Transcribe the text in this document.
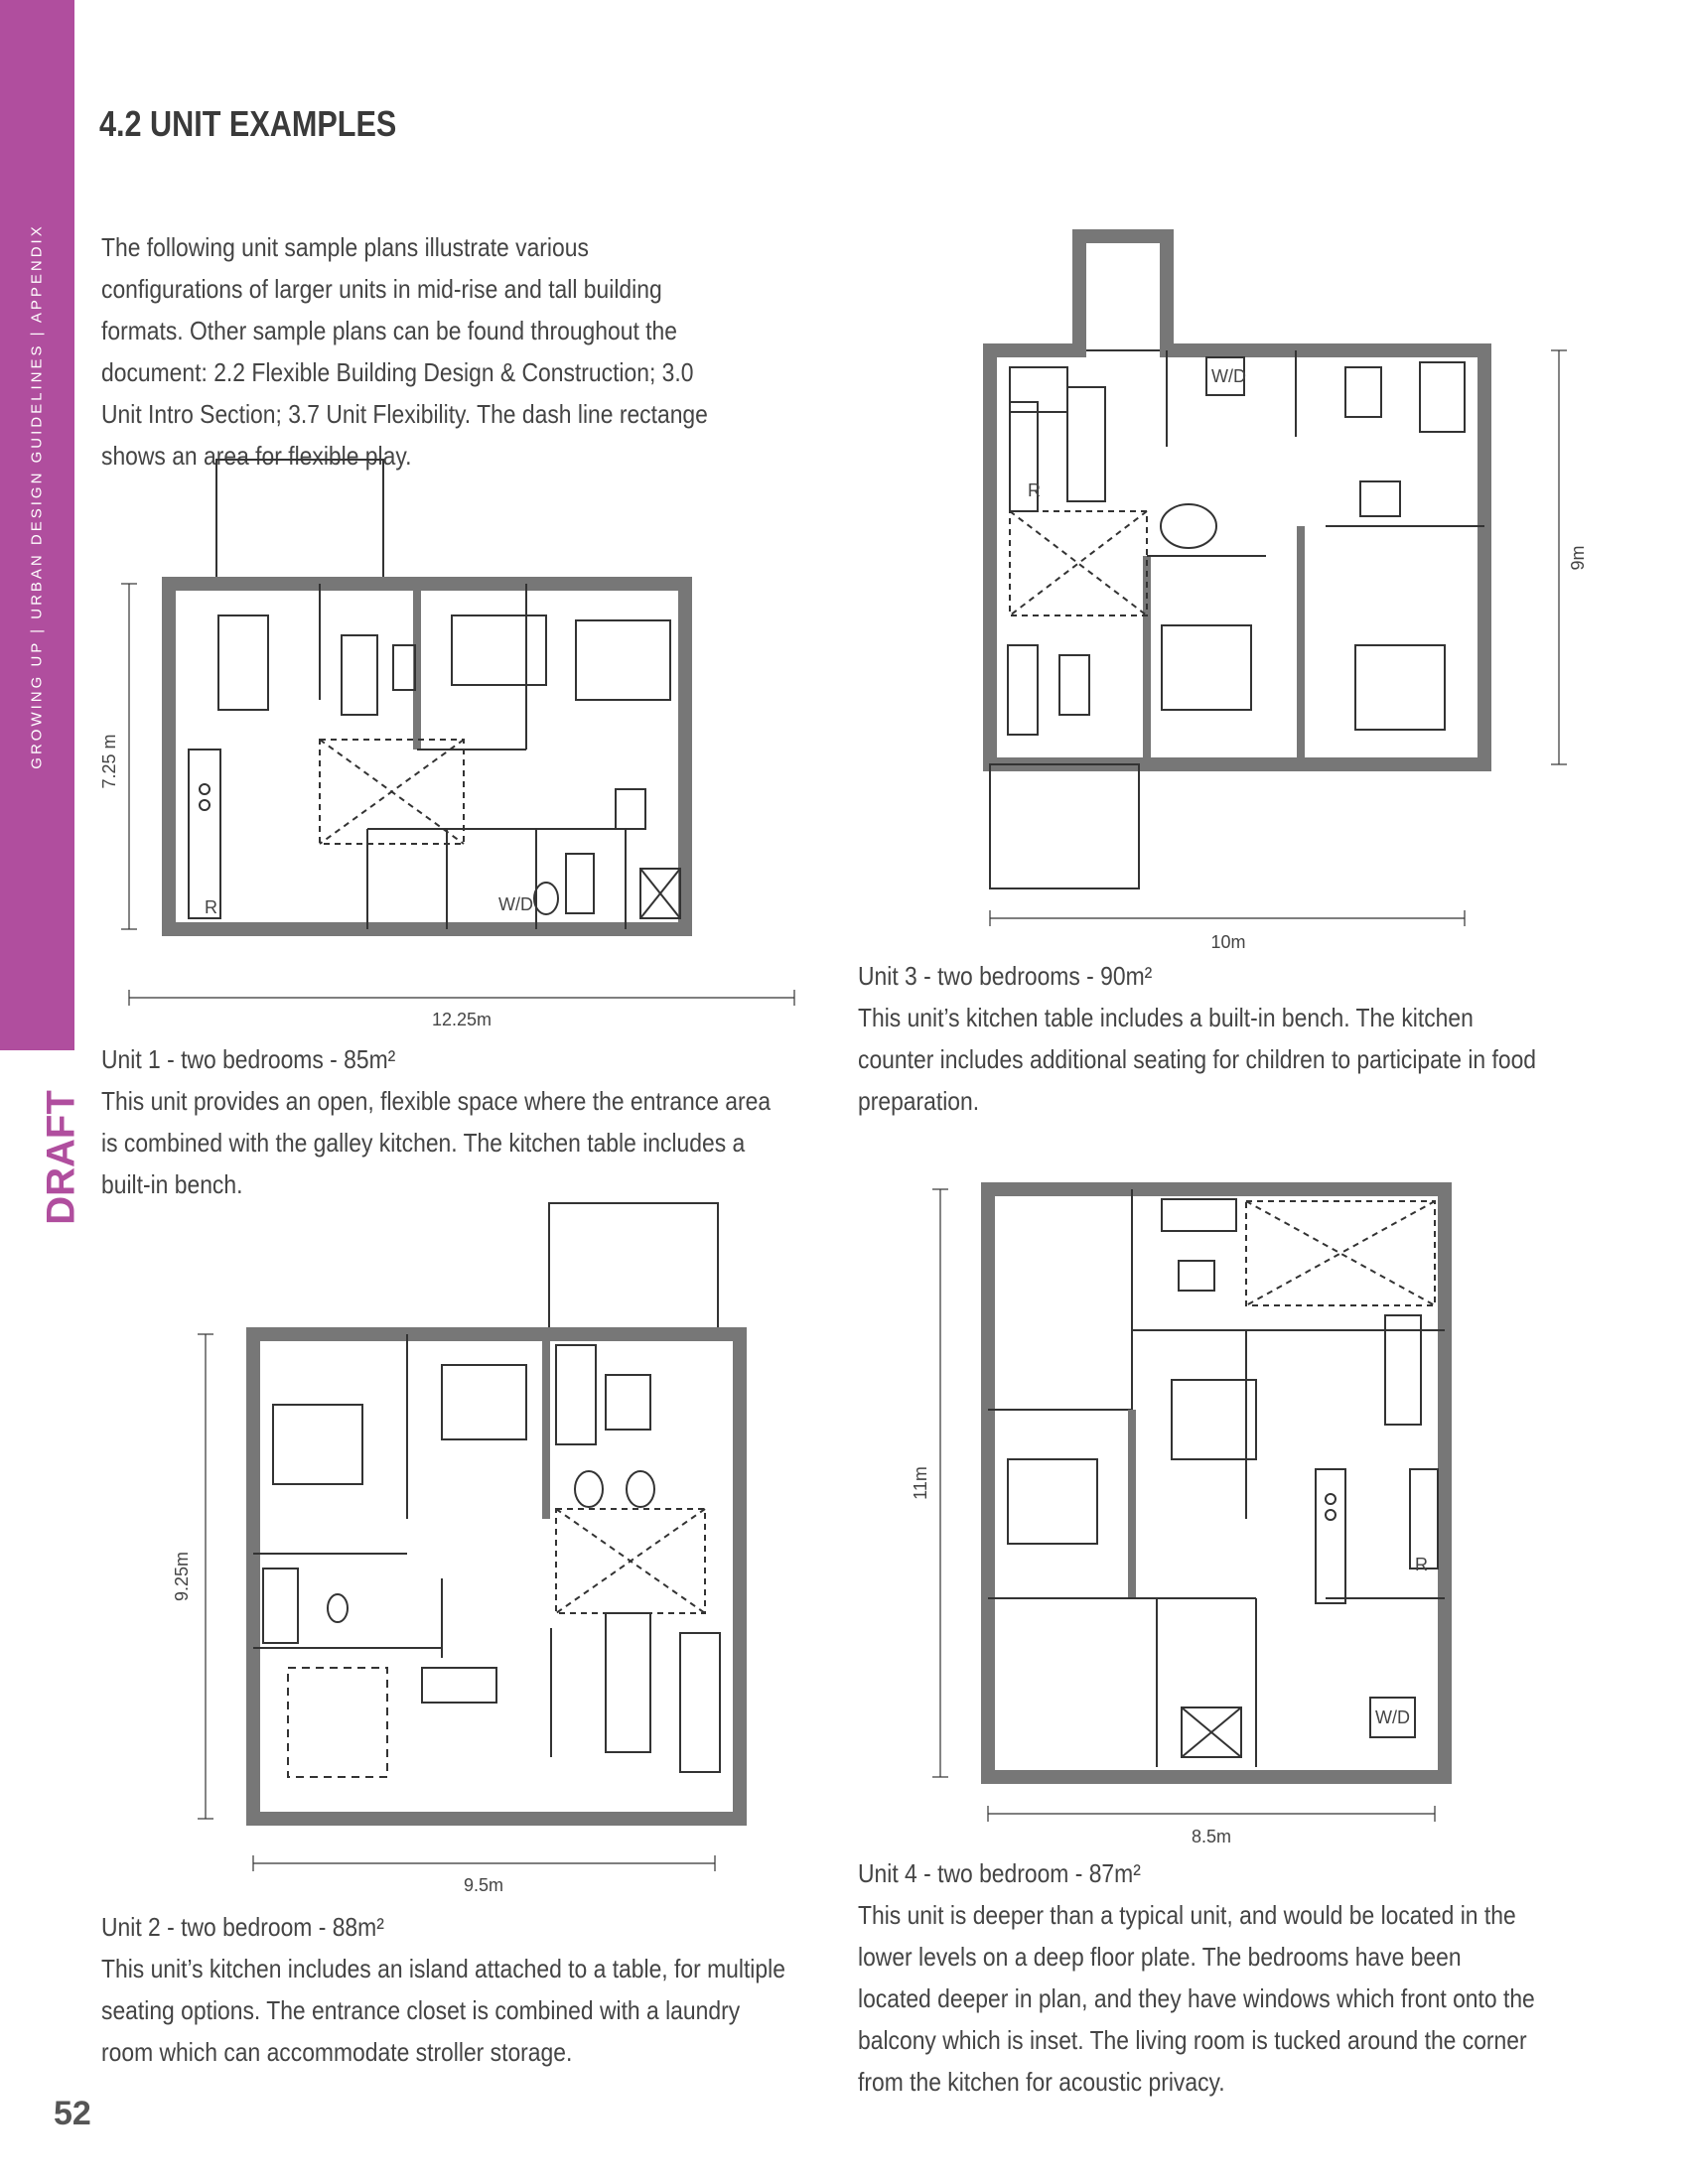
GROWING UP | URBAN DESIGN GUIDELINES | APPENDIX
DRAFT
4.2 UNIT EXAMPLES
The following unit sample plans illustrate various configurations of larger units in mid-rise and tall building formats. Other sample plans can be found throughout the document: 2.2 Flexible Building Design & Construction; 3.0 Unit Intro Section; 3.7 Unit Flexibility. The dash line rectange shows an area for flexible play.
R	W/D
7.25 m
12.25m
Unit 1 - two bedrooms - 85m²
This unit provides an open, flexible space where the entrance area is combined with the galley kitchen. The kitchen table includes a built-in bench.
R
W/D
9m
10m
Unit 3 - two bedrooms - 90m²
This unit’s kitchen table includes a built-in bench. The kitchen counter includes additional seating for children to participate in food preparation.
9.25m
9.5m
Unit 2 - two bedroom - 88m²
This unit’s kitchen includes an island attached to a table, for multiple seating options. The entrance closet is combined with a laundry room which can accommodate stroller storage.
R
W/D
11m
8.5m
Unit 4 - two bedroom - 87m²
This unit is deeper than a typical unit, and would be located in the lower levels on a deep floor plate. The bedrooms have been located deeper in plan, and they have windows which front onto the balcony which is inset. The living room is tucked around the corner from the kitchen for acoustic privacy.
52
